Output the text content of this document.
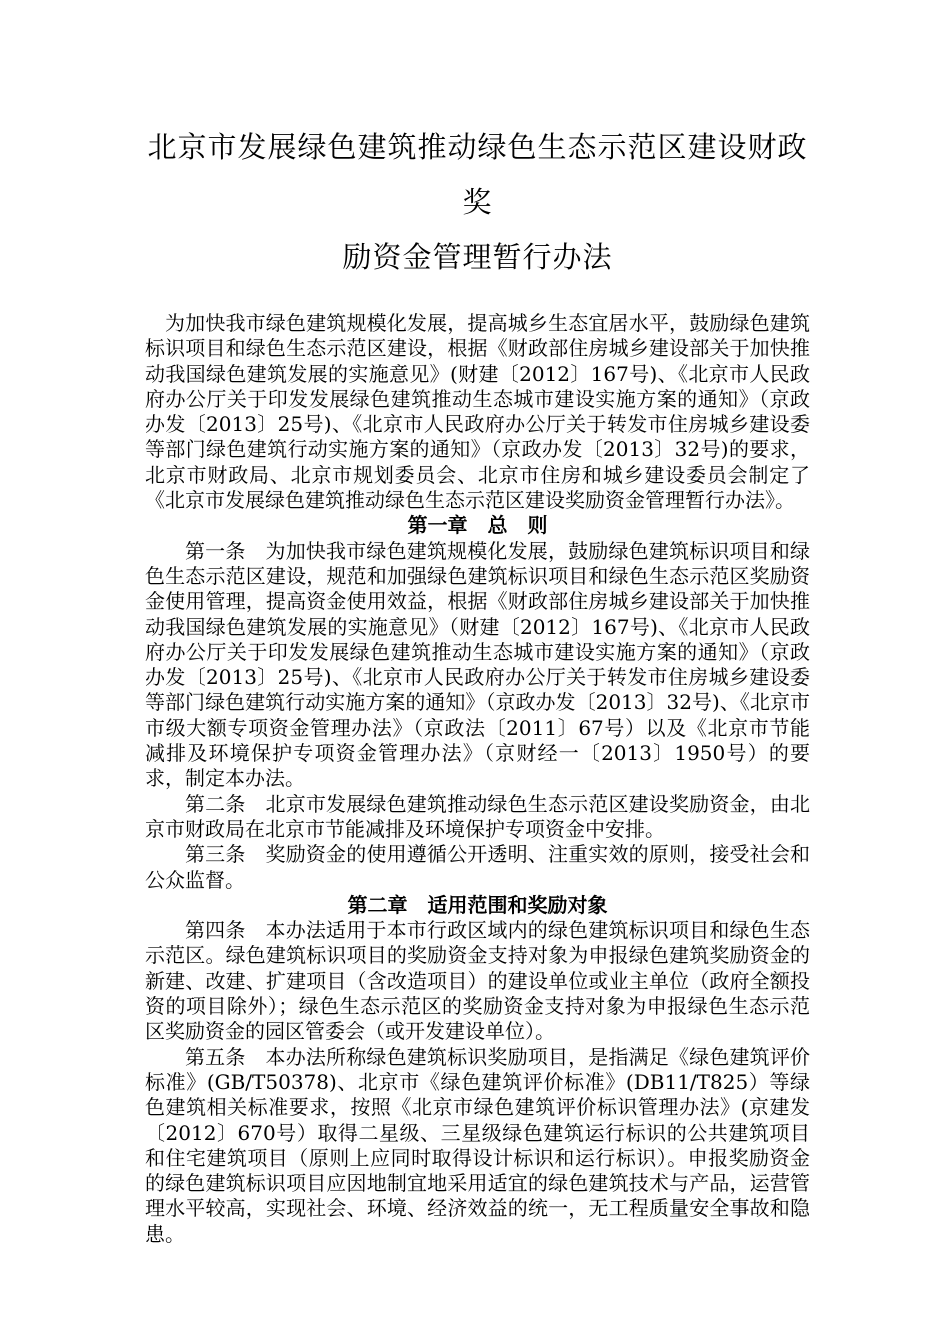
北京市发展绿色建筑推动绿色生态示范区建设财政奖
励资金管理暂行办法

为加快我市绿色建筑规模化发展，提高城乡生态宜居水平，鼓励绿色建筑标识项目和绿色生态示范区建设，根据《财政部住房城乡建设部关于加快推动我国绿色建筑发展的实施意见》(财建〔2012〕167号)、《北京市人民政府办公厅关于印发发展绿色建筑推动生态城市建设实施方案的通知》（京政办发〔2013〕25号)、《北京市人民政府办公厅关于转发市住房城乡建设委等部门绿色建筑行动实施方案的通知》（京政办发〔2013〕32号)的要求，北京市财政局、北京市规划委员会、北京市住房和城乡建设委员会制定了《北京市发展绿色建筑推动绿色生态示范区建设奖励资金管理暂行办法》。

第一章　总　则

第一条 为加快我市绿色建筑规模化发展，鼓励绿色建筑标识项目和绿色生态示范区建设，规范和加强绿色建筑标识项目和绿色生态示范区奖励资金使用管理，提高资金使用效益，根据《财政部住房城乡建设部关于加快推动我国绿色建筑发展的实施意见》（财建〔2012〕167号)、《北京市人民政府办公厅关于印发发展绿色建筑推动生态城市建设实施方案的通知》（京政办发〔2013〕25号)、《北京市人民政府办公厅关于转发市住房城乡建设委等部门绿色建筑行动实施方案的通知》（京政办发〔2013〕32号)、《北京市市级大额专项资金管理办法》（京政法〔2011〕67号）以及《北京市节能减排及环境保护专项资金管理办法》（京财经一〔2013〕1950号）的要求，制定本办法。

第二条 北京市发展绿色建筑推动绿色生态示范区建设奖励资金，由北京市财政局在北京市节能减排及环境保护专项资金中安排。

第三条 奖励资金的使用遵循公开透明、注重实效的原则，接受社会和公众监督。

第二章　适用范围和奖励对象

第四条 本办法适用于本市行政区域内的绿色建筑标识项目和绿色生态示范区。绿色建筑标识项目的奖励资金支持对象为申报绿色建筑奖励资金的新建、改建、扩建项目（含改造项目）的建设单位或业主单位（政府全额投资的项目除外）；绿色生态示范区的奖励资金支持对象为申报绿色生态示范区奖励资金的园区管委会（或开发建设单位）。

第五条 本办法所称绿色建筑标识奖励项目，是指满足《绿色建筑评价标准》(GB/T50378)、北京市《绿色建筑评价标准》(DB11/T825）等绿色建筑相关标准要求，按照《北京市绿色建筑评价标识管理办法》(京建发〔2012〕670号）取得二星级、三星级绿色建筑运行标识的公共建筑项目和住宅建筑项目（原则上应同时取得设计标识和运行标识）。申报奖励资金的绿色建筑标识项目应因地制宜地采用适宜的绿色建筑技术与产品，运营管理水平较高，实现社会、环境、经济效益的统一，无工程质量安全事故和隐患。
